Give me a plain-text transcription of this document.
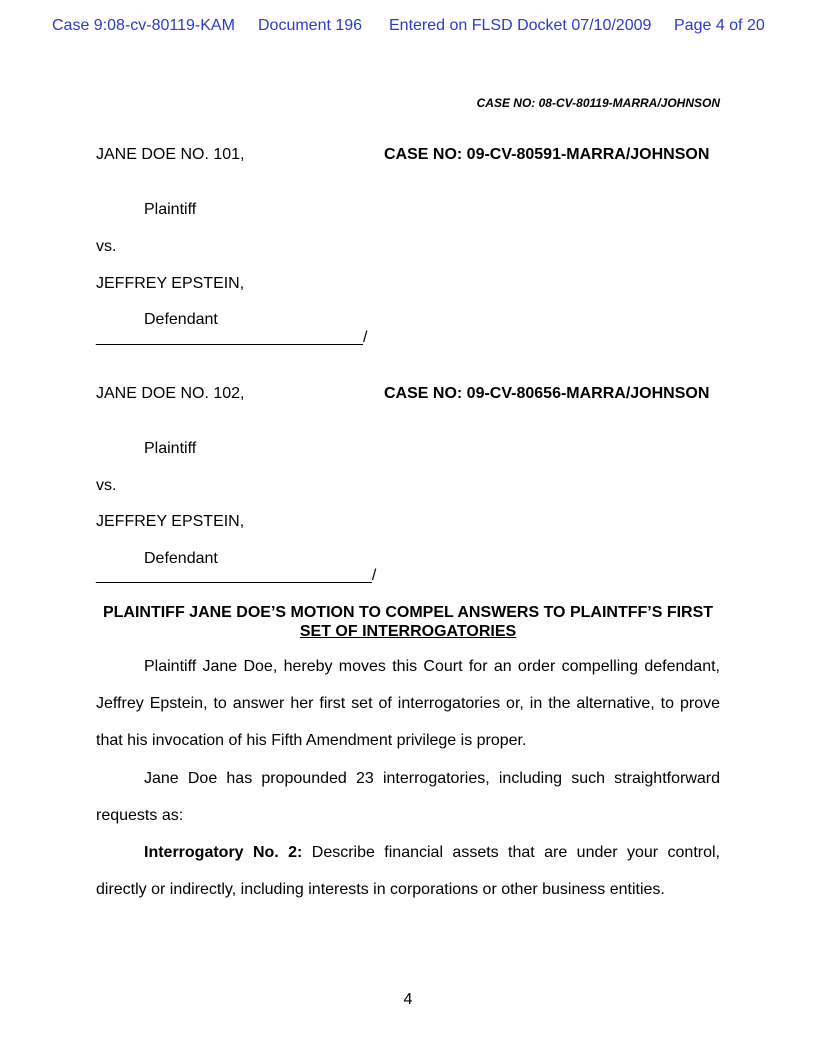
Case 9:08-cv-80119-KAM Document 196 Entered on FLSD Docket 07/10/2009 Page 4 of 20
CASE NO: 08-CV-80119-MARRA/JOHNSON
JANE DOE NO. 101,	CASE NO: 09-CV-80591-MARRA/JOHNSON
Plaintiff
vs.
JEFFREY EPSTEIN,
Defendant
______________________________/
JANE DOE NO. 102,	CASE NO: 09-CV-80656-MARRA/JOHNSON
Plaintiff
vs.
JEFFREY EPSTEIN,
Defendant
_______________________________/
PLAINTIFF JANE DOE’S MOTION TO COMPEL ANSWERS TO PLAINTFF’S FIRST
SET OF INTERROGATORIES

Plaintiff Jane Doe, hereby moves this Court for an order compelling defendant, Jeffrey Epstein, to answer her first set of interrogatories or, in the alternative, to prove that his invocation of his Fifth Amendment privilege is proper.

Jane Doe has propounded 23 interrogatories, including such straightforward requests as:

Interrogatory No. 2: Describe financial assets that are under your control, directly or indirectly, including interests in corporations or other business entities.

4
